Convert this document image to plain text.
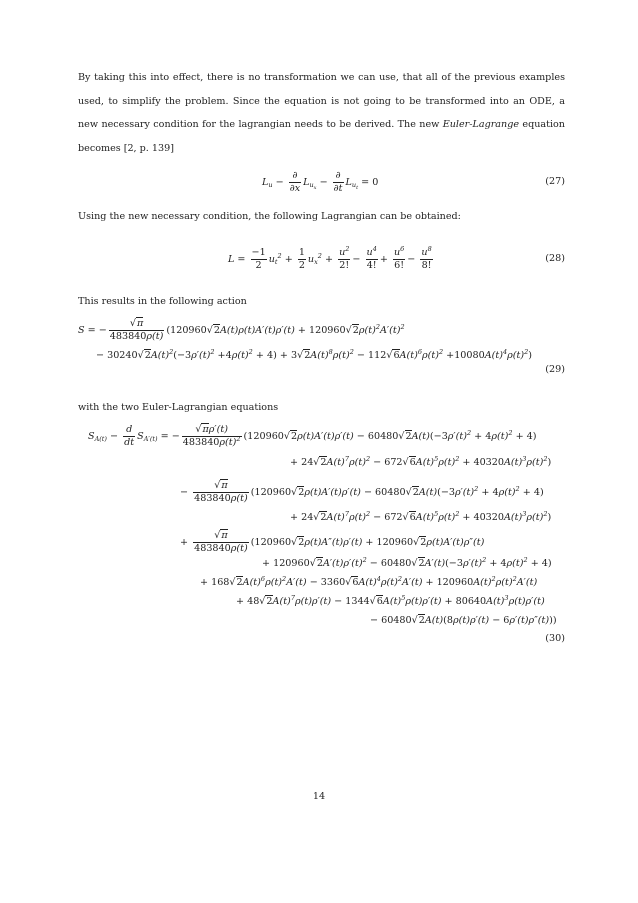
By taking this into effect, there is no transformation we can use, that all of the previous examples used, to simplify the problem. Since the equation is not going to be transformed into an ODE, a new necessary condition for the lagrangian needs to be derived. The new Euler-Lagrange equation becomes [2, p. 139]
$L_u - \frac{\partial}{\partial x} L_{u_x} - \frac{\partial}{\partial t} L_{u_t} = 0$	(27)
Using the new necessary condition, the following Lagrangian can be obtained:
$L = \frac{-1}{2} u_t^2 + \frac{1}{2} u_x^2 + \frac{u^2}{2!} - \frac{u^4}{4!} + \frac{u^6}{6!} - \frac{u^8}{8!}$	(28)
This results in the following action
S = − $\frac{√\pi}{483840\rho(t)} (120960√2A(t)\rho(t)A'(t)\rho'(t) + 120960√2\rho(t)^2A'(t)^2$
− $30240√2A(t)^2(-3\rho'(t)^2 +4\rho(t)^2 + 4) + 3√2A(t)^8\rho(t)^2 - 112√6A(t)^6\rho(t)^2 +10080A(t)^4\rho(t)^2$)
(29)
with the two Euler-Lagrangian equations
$S_{A(t)} - \frac{d}{dt} S_{A'(t)}$ = − $\frac{√\pi\rho'(t)}{483840\rho(t)^2} (120960√2\rho(t)A'(t)\rho'(t) - 60480√2A(t)(-3\rho'(t)^2 + 4\rho(t)^2 + 4)$
+ $24√2A(t)^7\rho(t)^2 - 672√6A(t)^5\rho(t)^2 + 40320A(t)^3\rho(t)^2$)
− $\frac{√\pi}{483840\rho(t)} (120960√2\rho(t)A'(t)\rho'(t) - 60480√2A(t)(-3\rho'(t)^2 + 4\rho(t)^2 + 4)$
+ $24√2A(t)^7\rho(t)^2 - 672√6A(t)^5\rho(t)^2 + 40320A(t)^3\rho(t)^2$)
+ $\frac{√\pi}{483840\rho(t)} (120960√2\rho(t)A''(t)\rho'(t) + 120960√2\rho(t)A'(t)\rho''(t)$
+ $120960√2A'(t)\rho'(t)^2 - 60480√2A'(t)(-3\rho'(t)^2 + 4\rho(t)^2 + 4)$
+ $168√2A(t)^6\rho(t)^2A'(t) - 3360√6A(t)^4\rho(t)^2A'(t) + 120960A(t)^2\rho(t)^2A'(t)$
+ $48√2A(t)^7\rho(t)\rho'(t) - 1344√6A(t)^5\rho(t)\rho'(t) + 80640A(t)^3\rho(t)\rho'(t)$
− 60480√2A(t)(8ρ(t)ρ′(t) − 6ρ′(t)ρ″(t)))
(30)
14
